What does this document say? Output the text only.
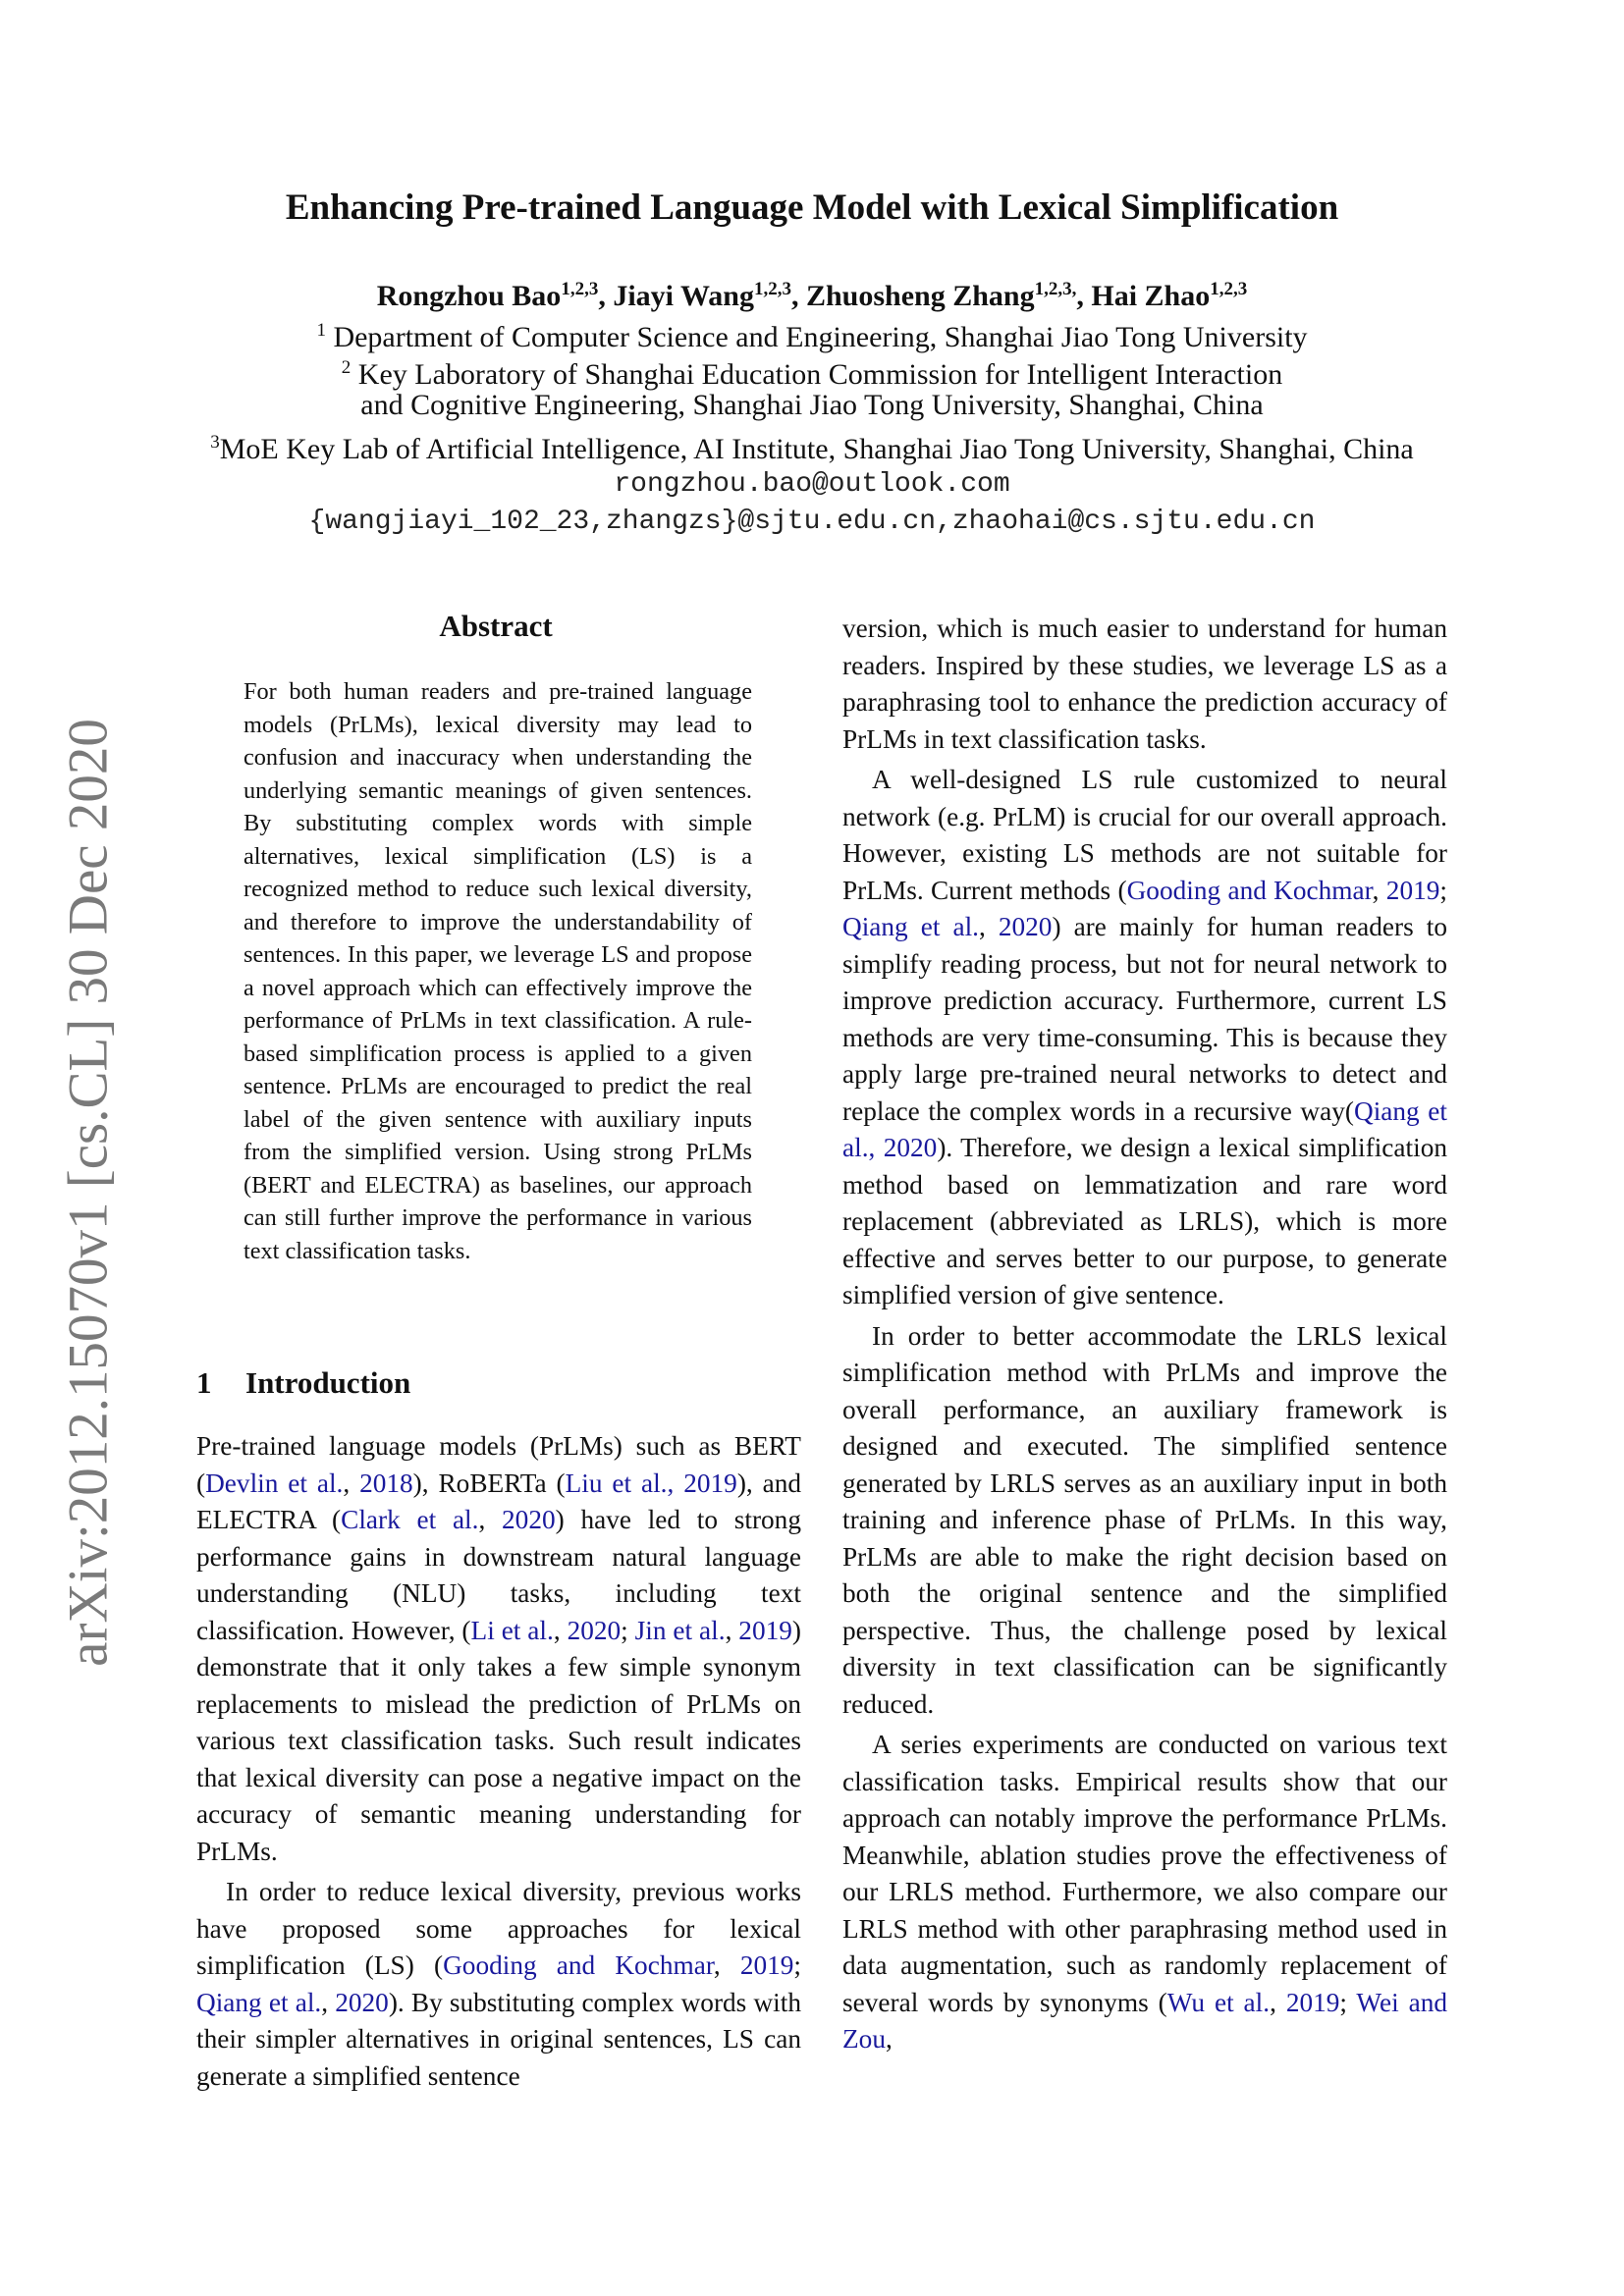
arXiv:2012.15070v1 [cs.CL] 30 Dec 2020
Enhancing Pre-trained Language Model with Lexical Simplification
Rongzhou Bao$^{1,2,3}$, Jiayi Wang$^{1,2,3}$, Zhuosheng Zhang$^{1,2,3,}$, Hai Zhao$^{1,2,3}$
$^1$ Department of Computer Science and Engineering, Shanghai Jiao Tong University
$^2$ Key Laboratory of Shanghai Education Commission for Intelligent Interaction
and Cognitive Engineering, Shanghai Jiao Tong University, Shanghai, China
$^3$MoE Key Lab of Artificial Intelligence, AI Institute, Shanghai Jiao Tong University, Shanghai, China
rongzhou.bao@outlook.com
{wangjiayi_102_23,zhangzs}@sjtu.edu.cn,zhaohai@cs.sjtu.edu.cn
Abstract
For both human readers and pre-trained language models (PrLMs), lexical diversity may lead to confusion and inaccuracy when understanding the underlying semantic meanings of given sentences. By substituting complex words with simple alternatives, lexical simplification (LS) is a recognized method to reduce such lexical diversity, and therefore to improve the understandability of sentences. In this paper, we leverage LS and propose a novel approach which can effectively improve the performance of PrLMs in text classification. A rule-based simplification process is applied to a given sentence. PrLMs are encouraged to predict the real label of the given sentence with auxiliary inputs from the simplified version. Using strong PrLMs (BERT and ELECTRA) as baselines, our approach can still further improve the performance in various text classification tasks.
1 Introduction

Pre-trained language models (PrLMs) such as BERT (Devlin et al., 2018), RoBERTa (Liu et al., 2019), and ELECTRA (Clark et al., 2020) have led to strong performance gains in downstream natural language understanding (NLU) tasks, including text classification. However, (Li et al., 2020; Jin et al., 2019) demonstrate that it only takes a few simple synonym replacements to mislead the prediction of PrLMs on various text classification tasks. Such result indicates that lexical diversity can pose a negative impact on the accuracy of semantic meaning understanding for PrLMs.

In order to reduce lexical diversity, previous works have proposed some approaches for lexical simplification (LS) (Gooding and Kochmar, 2019; Qiang et al., 2020). By substituting complex words with their simpler alternatives in original sentences, LS can generate a simplified sentence

version, which is much easier to understand for human readers. Inspired by these studies, we leverage LS as a paraphrasing tool to enhance the prediction accuracy of PrLMs in text classification tasks.

A well-designed LS rule customized to neural network (e.g. PrLM) is crucial for our overall approach. However, existing LS methods are not suitable for PrLMs. Current methods (Gooding and Kochmar, 2019; Qiang et al., 2020) are mainly for human readers to simplify reading process, but not for neural network to improve prediction accuracy. Furthermore, current LS methods are very time-consuming. This is because they apply large pre-trained neural networks to detect and replace the complex words in a recursive way(Qiang et al., 2020). Therefore, we design a lexical simplification method based on lemmatization and rare word replacement (abbreviated as LRLS), which is more effective and serves better to our purpose, to generate simplified version of give sentence.

In order to better accommodate the LRLS lexical simplification method with PrLMs and improve the overall performance, an auxiliary framework is designed and executed. The simplified sentence generated by LRLS serves as an auxiliary input in both training and inference phase of PrLMs. In this way, PrLMs are able to make the right decision based on both the original sentence and the simplified perspective. Thus, the challenge posed by lexical diversity in text classification can be significantly reduced.

A series experiments are conducted on various text classification tasks. Empirical results show that our approach can notably improve the performance PrLMs. Meanwhile, ablation studies prove the effectiveness of our LRLS method. Furthermore, we also compare our LRLS method with other paraphrasing method used in data augmentation, such as randomly replacement of several words by synonyms (Wu et al., 2019; Wei and Zou,
